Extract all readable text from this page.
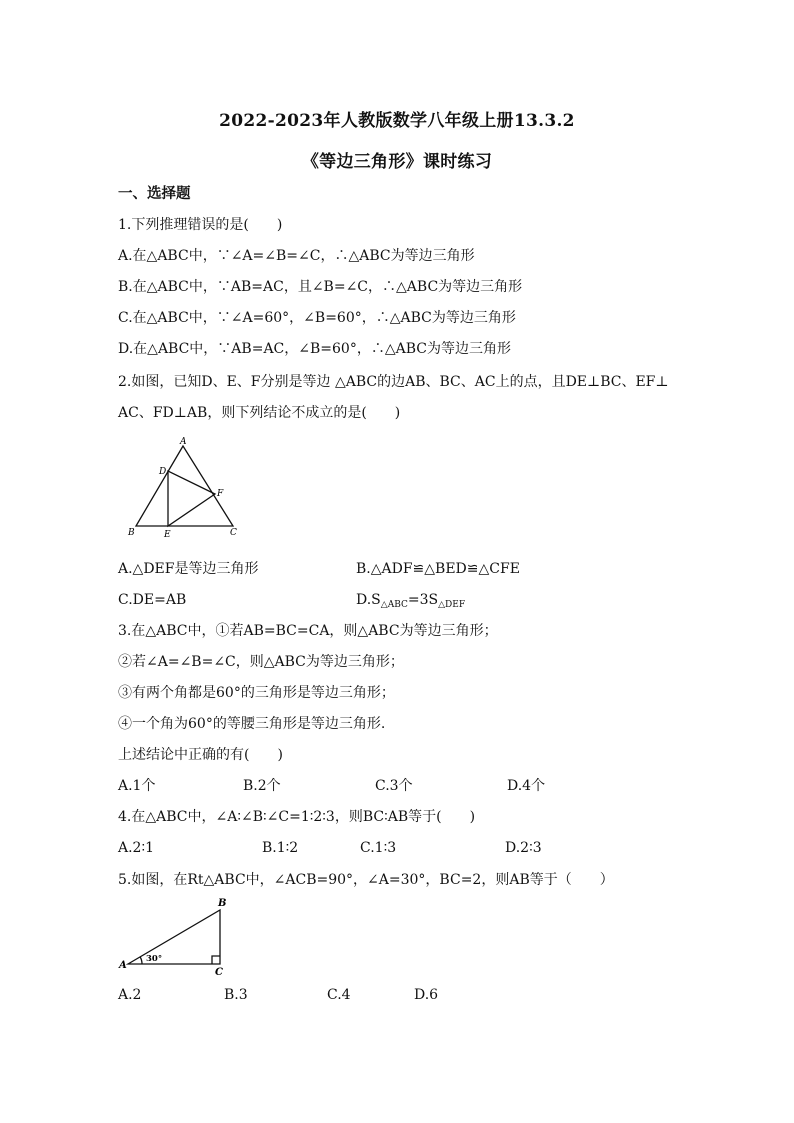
2022-2023年人教版数学八年级上册13.3.2
《等边三角形》课时练习
一、选择题
1.下列推理错误的是(　　)
A.在△ABC中，∵∠A=∠B=∠C，∴△ABC为等边三角形
B.在△ABC中，∵AB=AC，且∠B=∠C，∴△ABC为等边三角形
C.在△ABC中，∵∠A=60°，∠B=60°，∴△ABC为等边三角形
D.在△ABC中，∵AB=AC，∠B=60°，∴△ABC为等边三角形
2.如图，已知D、E、F分别是等边 △ABC的边AB、BC、AC上的点，且DE⊥BC、EF⊥
AC、FD⊥AB，则下列结论不成立的是(　　)
A
D
F
B	E	C
A.△DEF是等边三角形	B.△ADF≌△BED≌△CFE
C.DE=AB	$D.S_{\triangle ABC}=3S_{\triangle DEF}$
3.在△ABC中，①若AB=BC=CA，则△ABC为等边三角形；
②若∠A=∠B=∠C，则△ABC为等边三角形；
③有两个角都是60°的三角形是等边三角形；
④一个角为60°的等腰三角形是等边三角形.
上述结论中正确的有(　　)
A.1个	B.2个	C.3个	D.4个
4.在△ABC中，∠A∶∠B∶∠C=1∶2∶3，则BC∶AB等于(　　)
A.2∶1	B.1∶2	C.1∶3	D.2∶3
5.如图，在Rt△ABC中，∠ACB=90°，∠A=30°，BC=2，则AB等于（　　）
30°
A
B
C
A.2	B.3	C.4	D.6
